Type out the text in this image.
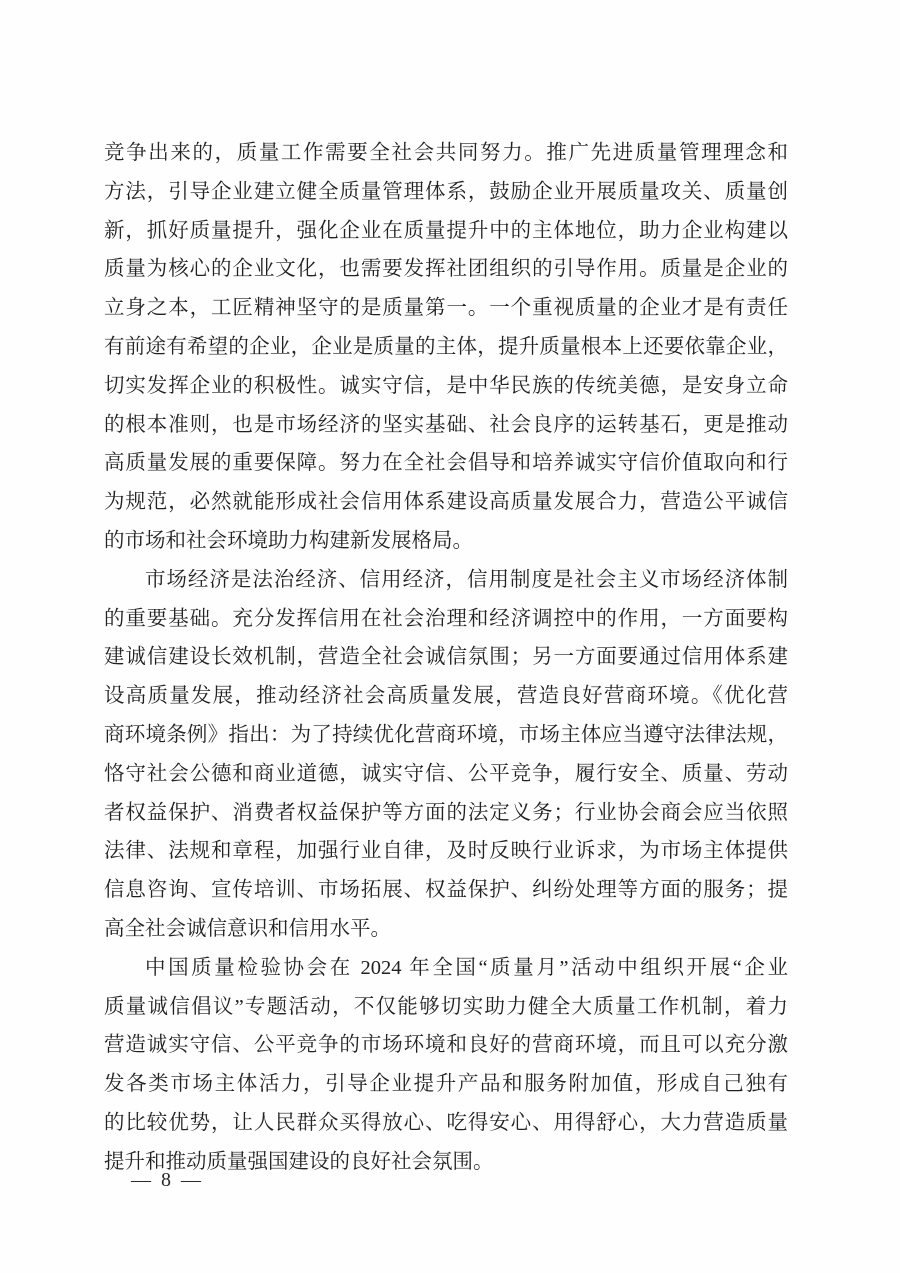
竞争出来的，质量工作需要全社会共同努力。推广先进质量管理理念和
方法，引导企业建立健全质量管理体系，鼓励企业开展质量攻关、质量创
新，抓好质量提升，强化企业在质量提升中的主体地位，助力企业构建以
质量为核心的企业文化，也需要发挥社团组织的引导作用。质量是企业的
立身之本，工匠精神坚守的是质量第一。一个重视质量的企业才是有责任
有前途有希望的企业，企业是质量的主体，提升质量根本上还要依靠企业，
切实发挥企业的积极性。诚实守信，是中华民族的传统美德，是安身立命
的根本准则，也是市场经济的坚实基础、社会良序的运转基石，更是推动
高质量发展的重要保障。努力在全社会倡导和培养诚实守信价值取向和行
为规范，必然就能形成社会信用体系建设高质量发展合力，营造公平诚信
的市场和社会环境助力构建新发展格局。
市场经济是法治经济、信用经济，信用制度是社会主义市场经济体制
的重要基础。充分发挥信用在社会治理和经济调控中的作用，一方面要构
建诚信建设长效机制，营造全社会诚信氛围；另一方面要通过信用体系建
设高质量发展，推动经济社会高质量发展，营造良好营商环境。《优化营
商环境条例》指出：为了持续优化营商环境，市场主体应当遵守法律法规，
恪守社会公德和商业道德，诚实守信、公平竞争，履行安全、质量、劳动
者权益保护、消费者权益保护等方面的法定义务；行业协会商会应当依照
法律、法规和章程，加强行业自律，及时反映行业诉求，为市场主体提供
信息咨询、宣传培训、市场拓展、权益保护、纠纷处理等方面的服务；提
高全社会诚信意识和信用水平。
中国质量检验协会在 2024 年全国“质量月”活动中组织开展“企业
质量诚信倡议”专题活动，不仅能够切实助力健全大质量工作机制，着力
营造诚实守信、公平竞争的市场环境和良好的营商环境，而且可以充分激
发各类市场主体活力，引导企业提升产品和服务附加值，形成自己独有
的比较优势，让人民群众买得放心、吃得安心、用得舒心，大力营造质量
提升和推动质量强国建设的良好社会氛围。
— 8 —
